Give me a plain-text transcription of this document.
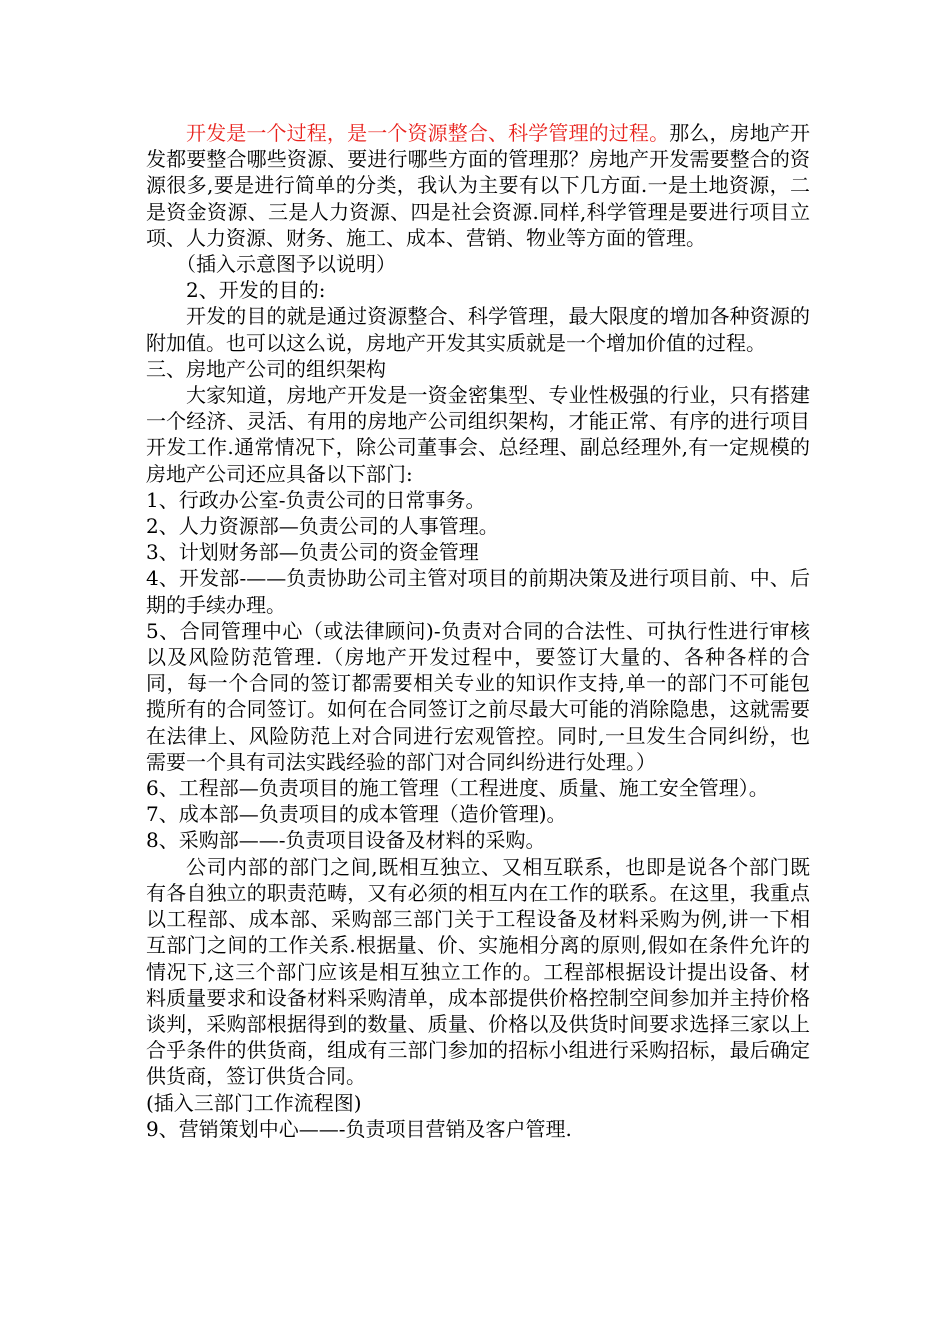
开发是一个过程，是一个资源整合、科学管理的过程。那么，房地产开发都要整合哪些资源、要进行哪些方面的管理那？房地产开发需要整合的资源很多,要是进行简单的分类，我认为主要有以下几方面.一是土地资源，二是资金资源、三是人力资源、四是社会资源.同样,科学管理是要进行项目立项、人力资源、财务、施工、成本、营销、物业等方面的管理。

（插入示意图予以说明）

2、开发的目的:

开发的目的就是通过资源整合、科学管理，最大限度的增加各种资源的附加值。也可以这么说，房地产开发其实质就是一个增加价值的过程。

三、房地产公司的组织架构

大家知道，房地产开发是一资金密集型、专业性极强的行业，只有搭建一个经济、灵活、有用的房地产公司组织架构，才能正常、有序的进行项目开发工作.通常情况下，除公司董事会、总经理、副总经理外,有一定规模的房地产公司还应具备以下部门:

1、行政办公室-负责公司的日常事务。

2、人力资源部—负责公司的人事管理。

3、计划财务部—负责公司的资金管理

4、开发部-——负责协助公司主管对项目的前期决策及进行项目前、中、后期的手续办理。

5、合同管理中心（或法律顾问)-负责对合同的合法性、可执行性进行审核以及风险防范管理.（房地产开发过程中，要签订大量的、各种各样的合同，每一个合同的签订都需要相关专业的知识作支持,单一的部门不可能包揽所有的合同签订。如何在合同签订之前尽最大可能的消除隐患，这就需要在法律上、风险防范上对合同进行宏观管控。同时,一旦发生合同纠纷，也需要一个具有司法实践经验的部门对合同纠纷进行处理。）

6、工程部—负责项目的施工管理（工程进度、质量、施工安全管理）。

7、成本部—负责项目的成本管理（造价管理)。

8、采购部——-负责项目设备及材料的采购。

公司内部的部门之间,既相互独立、又相互联系，也即是说各个部门既有各自独立的职责范畴，又有必须的相互内在工作的联系。在这里，我重点以工程部、成本部、采购部三部门关于工程设备及材料采购为例,讲一下相互部门之间的工作关系.根据量、价、实施相分离的原则,假如在条件允许的情况下,这三个部门应该是相互独立工作的。工程部根据设计提出设备、材料质量要求和设备材料采购清单，成本部提供价格控制空间参加并主持价格谈判，采购部根据得到的数量、质量、价格以及供货时间要求选择三家以上合乎条件的供货商，组成有三部门参加的招标小组进行采购招标，最后确定供货商，签订供货合同。

(插入三部门工作流程图)

9、营销策划中心——-负责项目营销及客户管理.
